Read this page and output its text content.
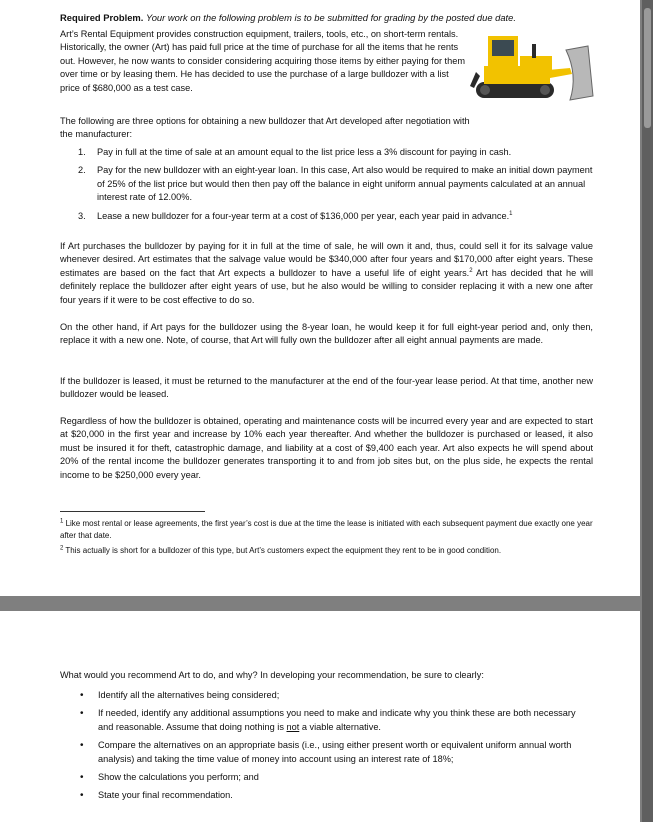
Required Problem. Your work on the following problem is to be submitted for grading by the posted due date.

Art’s Rental Equipment provides construction equipment, trailers, tools, etc., on short-term rentals. Historically, the owner (Art) has paid full price at the time of purchase for all the items that he rents out. However, he now wants to consider considering acquiring those items by either paying for them over time or by leasing them. He has decided to use the purchase of a large bulldozer with a list price of $680,000 as a test case.

The following are three options for obtaining a new bulldozer that Art developed after negotiation with the manufacturer:

1. Pay in full at the time of sale at an amount equal to the list price less a 3% discount for paying in cash.
2. Pay for the new bulldozer with an eight-year loan. In this case, Art also would be required to make an initial down payment of 25% of the list price but would then then pay off the balance in eight uniform annual payments calculated at an annual interest rate of 12.00%.
3. Lease a new bulldozer for a four-year term at a cost of $136,000 per year, each year paid in advance.$^1$

If Art purchases the bulldozer by paying for it in full at the time of sale, he will own it and, thus, could sell it for its salvage value whenever desired. Art estimates that the salvage value would be $340,000 after four years and $170,000 after eight years. These estimates are based on the fact that Art expects a bulldozer to have a useful life of eight years.$^2$ Art has decided that he will definitely replace the bulldozer after eight years of use, but he also would be willing to consider replacing it with a new one after four years if it were to be cost effective to do so.

On the other hand, if Art pays for the bulldozer using the 8-year loan, he would keep it for full eight-year period and, only then, replace it with a new one. Note, of course, that Art will fully own the bulldozer after all eight annual payments are made.

If the bulldozer is leased, it must be returned to the manufacturer at the end of the four-year lease period. At that time, another new bulldozer would be leased.

Regardless of how the bulldozer is obtained, operating and maintenance costs will be incurred every year and are expected to start at $20,000 in the first year and increase by 10% each year thereafter. And whether the bulldozer is purchased or leased, it also must be insured it for theft, catastrophic damage, and liability at a cost of $9,400 each year. Art also expects he will spend about 20% of the rental income the bulldozer generates transporting it to and from job sites but, on the plus side, he expects the rental income to be $250,000 every year.

$^1$ Like most rental or lease agreements, the first year’s cost is due at the time the lease is initiated with each subsequent payment due exactly one year after that date.

$^2$ This actually is short for a bulldozer of this type, but Art’s customers expect the equipment they rent to be in good condition.

What would you recommend Art to do, and why? In developing your recommendation, be sure to clearly:

• Identify all the alternatives being considered;
• If needed, identify any additional assumptions you need to make and indicate why you think these are both necessary and reasonable. Assume that doing nothing is not a viable alternative.
• Compare the alternatives on an appropriate basis (i.e., using either present worth or equivalent uniform annual worth analysis) and taking the time value of money into account using an interest rate of 18%;
• Show the calculations you perform; and
• State your final recommendation.
